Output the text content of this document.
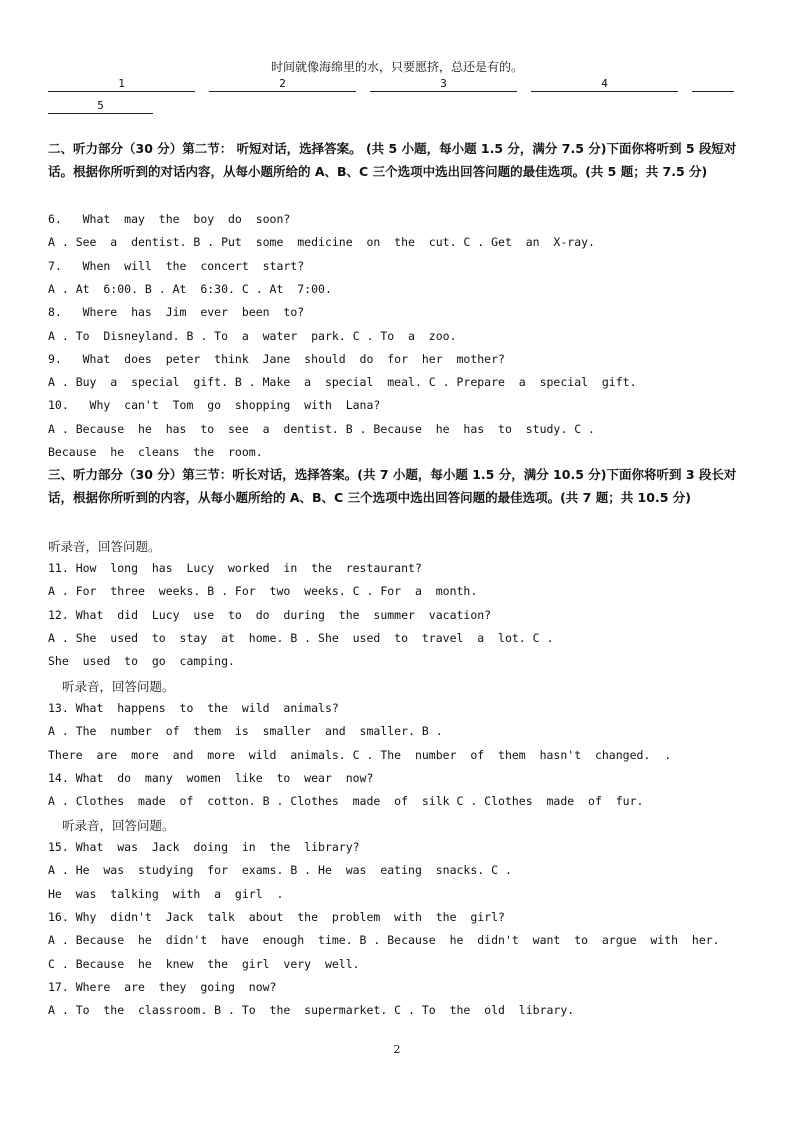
时间就像海绵里的水，只要愿挤，总还是有的。
1	2	3	4
5
二、听力部分（30 分）第二节： 听短对话，选择答案。 (共 5 小题，每小题 1.5 分，满分 7.5 分)下面你将听到 5 段短对话。根据你所听到的对话内容，从每小题所给的 A、B、C 三个选项中选出回答问题的最佳选项。(共 5 题；共 7.5 分)
6.   What  may  the  boy  do  soon?
A . See  a  dentist. B . Put  some  medicine  on  the  cut. C . Get  an  X-ray.
7.   When  will  the  concert  start?
A . At  6:00. B . At  6:30. C . At  7:00.
8.   Where  has  Jim  ever  been  to?
A . To  Disneyland. B . To  a  water  park. C . To  a  zoo.
9.   What  does  peter  think  Jane  should  do  for  her  mother?
A . Buy  a  special  gift. B . Make  a  special  meal. C . Prepare  a  special  gift.
10.   Why  can't  Tom  go  shopping  with  Lana?
A . Because  he  has  to  see  a  dentist. B . Because  he  has  to  study. C .
Because  he  cleans  the  room.
三、听力部分（30 分）第三节：听长对话，选择答案。(共 7 小题，每小题 1.5 分，满分 10.5 分)下面你将听到 3 段长对话，根据你所听到的内容，从每小题所给的 A、B、C 三个选项中选出回答问题的最佳选项。(共 7 题；共 10.5 分)
听录音，回答问题。
11. How  long  has  Lucy  worked  in  the  restaurant?
A . For  three  weeks. B . For  two  weeks. C . For  a  month.
12. What  did  Lucy  use  to  do  during  the  summer  vacation?
A . She  used  to  stay  at  home. B . She  used  to  travel  a  lot. C .
She  used  to  go  camping.
听录音，回答问题。
13. What  happens  to  the  wild  animals?
A . The  number  of  them  is  smaller  and  smaller. B .
There  are  more  and  more  wild  animals. C . The  number  of  them  hasn't  changed.  .
14. What  do  many  women  like  to  wear  now?
A . Clothes  made  of  cotton. B . Clothes  made  of  silk C . Clothes  made  of  fur.
听录音，回答问题。
15. What  was  Jack  doing  in  the  library?
A . He  was  studying  for  exams. B . He  was  eating  snacks. C .
He  was  talking  with  a  girl  .
16. Why  didn't  Jack  talk  about  the  problem  with  the  girl?
A . Because  he  didn't  have  enough  time. B . Because  he  didn't  want  to  argue  with  her.
C . Because  he  knew  the  girl  very  well.
17. Where  are  they  going  now?
A . To  the  classroom. B . To  the  supermarket. C . To  the  old  library.
2
